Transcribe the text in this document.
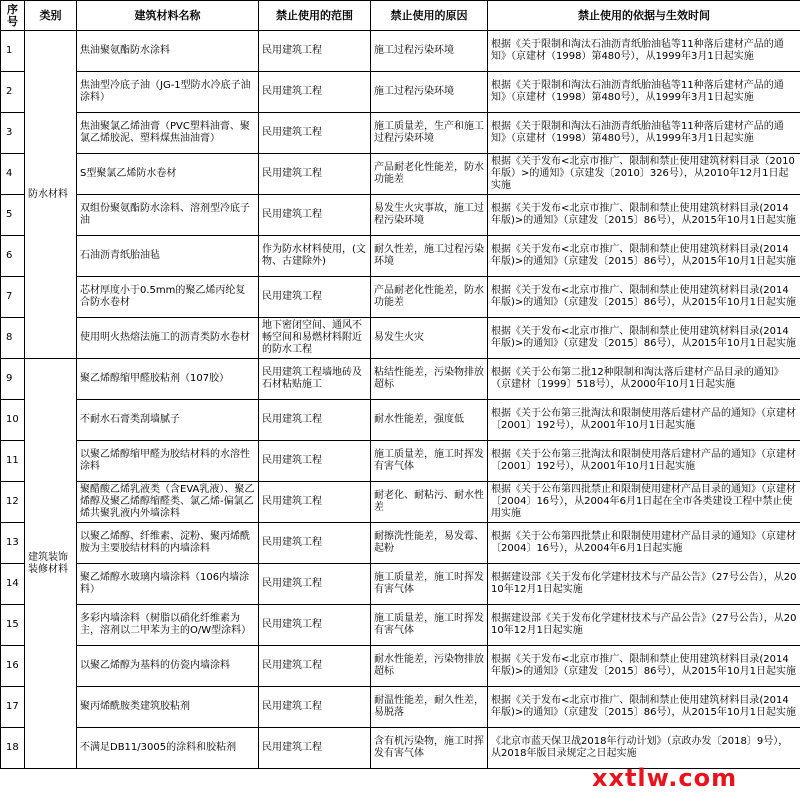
序号	类别	建筑材料名称	禁止使用的范围	禁止使用的原因	禁止使用的依据与生效时间
1	防水材料	焦油聚氨酯防水涂料	民用建筑工程	施工过程污染环境	根据《关于限制和淘汰石油沥青纸胎油毡等11种落后建材产品的通知》（京建材（1998）第480号），从1999年3月1日起实施
2		焦油型冷底子油（JG-1型防水冷底子油涂料）	民用建筑工程	施工过程污染环境	根据《关于限制和淘汰石油沥青纸胎油毡等11种落后建材产品的通知》（京建材（1998）第480号），从1999年3月1日起实施
3		焦油聚氯乙烯油膏（PVC塑料油膏、聚氯乙烯胶泥、塑料煤焦油油膏）	民用建筑工程	施工质量差，生产和施工过程污染环境	根据《关于限制和淘汰石油沥青纸胎油毡等11种落后建材产品的通知》（京建材（1998）第480号），从1999年3月1日起实施
4		S型聚氯乙烯防水卷材	民用建筑工程	产品耐老化性能差，防水功能差	根据《关于发布<北京市推广、限制和禁止使用建筑材料目录（2010年版）>的通知》（京建发〔2010〕326号），从2010年12月1日起实施
5		双组份聚氨酯防水涂料、溶剂型冷底子油	民用建筑工程	易发生火灾事故，施工过程污染环境	根据《关于发布<北京市推广、限制和禁止使用建筑材料目录(2014年版)>的通知》（京建发〔2015〕86号），从2015年10月1日起实施
6		石油沥青纸胎油毡	作为防水材料使用，(文物、古建除外)	耐久性差，施工过程污染环境	根据《关于发布<北京市推广、限制和禁止使用建筑材料目录(2014年版)>的通知》（京建发〔2015〕86号），从2015年10月1日起实施
7		芯材厚度小于0.5mm的聚乙烯丙纶复合防水卷材	民用建筑工程	产品耐老化性能差，防水功能差	根据《关于发布<北京市推广、限制和禁止使用建筑材料目录(2014年版)>的通知》（京建发〔2015〕86号），从2015年10月1日起实施
8		使用明火热熔法施工的沥青类防水卷材	地下密闭空间、通风不畅空间和易燃材料附近的防水工程	易发生火灾	根据《关于发布<北京市推广、限制和禁止使用建筑材料目录(2014年版)>的通知》（京建发〔2015〕86号），从2015年10月1日起实施
9	建筑装饰装修材料	聚乙烯醇缩甲醛胶粘剂（107胶）	民用建筑工程墙地砖及石材粘贴施工	粘结性能差，污染物排放超标	根据《关于公布第二批12种限制和淘汰落后建材产品目录的通知》（京建材〔1999〕518号），从2000年10月1日起实施
10		不耐水石膏类刮墙腻子	民用建筑工程	耐水性能差，强度低	根据《关于公布第三批淘汰和限制使用落后建材产品的通知》（京建材〔2001〕192号），从2001年10月1日起实施
11		以聚乙烯醇缩甲醛为胶结材料的水溶性涂料	民用建筑工程	施工质量差，施工时挥发有害气体	根据《关于公布第三批淘汰和限制使用落后建材产品的通知》（京建材〔2001〕192号），从2001年10月1日起实施
12		聚醋酸乙烯乳液类（含EVA乳液）、聚乙烯醇及聚乙烯醇缩醛类、氯乙烯-偏氯乙烯共聚乳液内外墙涂料	民用建筑工程	耐老化、耐粘污、耐水性差	根据《关于公布第四批禁止和限制使用建材产品目录的通知》（京建材〔2004〕16号），从2004年6月1日起在全市各类建设工程中禁止使用实施
13		以聚乙烯醇、纤维素、淀粉、聚丙烯酰胺为主要胶结材料的内墙涂料	民用建筑工程	耐擦洗性能差，易发霉、起粉	根据《关于公布第四批禁止和限制使用建材产品目录的通知》（京建材〔2004〕16号），从2004年6月1日起实施
14		聚乙烯醇水玻璃内墙涂料（106内墙涂料）	民用建筑工程	施工质量差，施工时挥发有害气体	根据建设部《关于发布化学建材技术与产品公告》（27号公告），从2010年12月1日起实施
15		多彩内墙涂料（树脂以硝化纤维素为主，溶剂以二甲苯为主的O/W型涂料）	民用建筑工程	施工质量差，施工时挥发有害气体	根据建设部《关于发布化学建材技术与产品公告》（27号公告），从2010年12月1日起实施
16		以聚乙烯醇为基料的仿瓷内墙涂料	民用建筑工程	耐水性能差，污染物排放超标	根据《关于发布<北京市推广、限制和禁止使用建筑材料目录(2014年版)>的通知》（京建发〔2015〕86号），从2015年10月1日起实施
17		聚丙烯酰胺类建筑胶粘剂	民用建筑工程	耐温性能差，耐久性差，易脱落	根据《关于发布<北京市推广、限制和禁止使用建筑材料目录(2014年版)>的通知》（京建发〔2015〕86号），从2015年10月1日起实施
18		不满足DB11/3005的涂料和胶粘剂	民用建筑工程	含有机污染物，施工时挥发有害气体	《北京市蓝天保卫战2018年行动计划》（京政办发〔2018〕9号），从2018年版目录规定之日起实施
xxtlw.com
